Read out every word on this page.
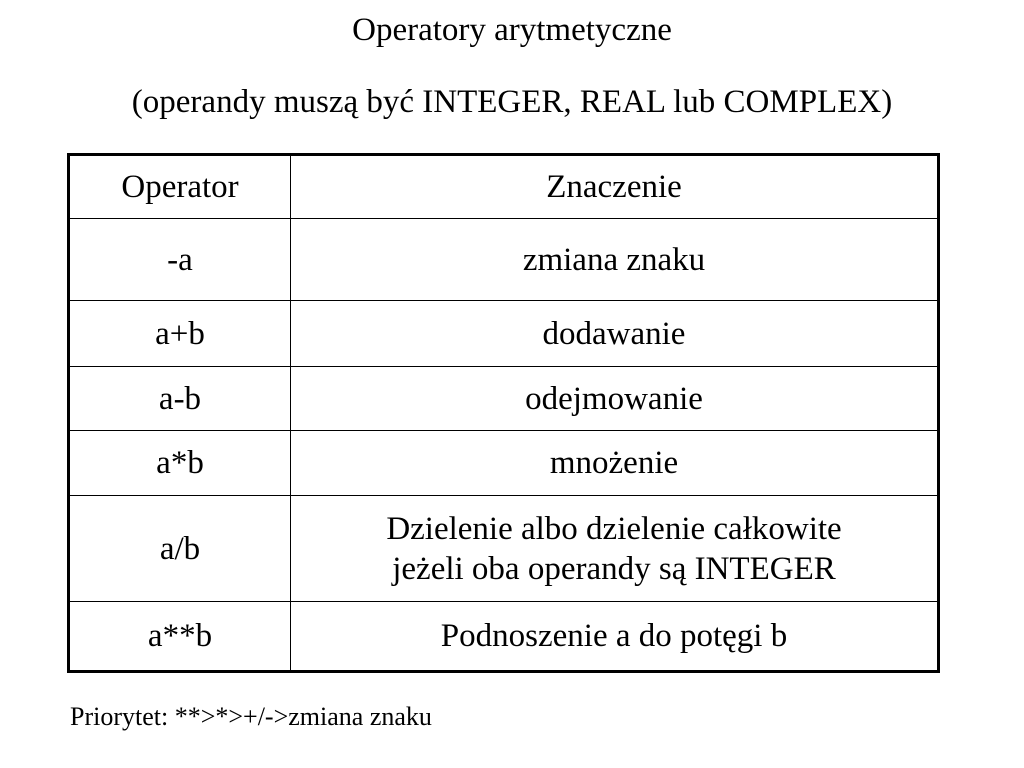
Operatory arytmetyczne
(operandy muszą być INTEGER, REAL lub COMPLEX)
Operator	Znaczenie
-a	zmiana znaku
a+b	dodawanie
a-b	odejmowanie
a*b	mnożenie
a/b	Dzielenie albo dzielenie całkowite
jeżeli oba operandy są INTEGER

a**b	Podnoszenie a do potęgi b
Priorytet: **>*>+/->zmiana znaku
